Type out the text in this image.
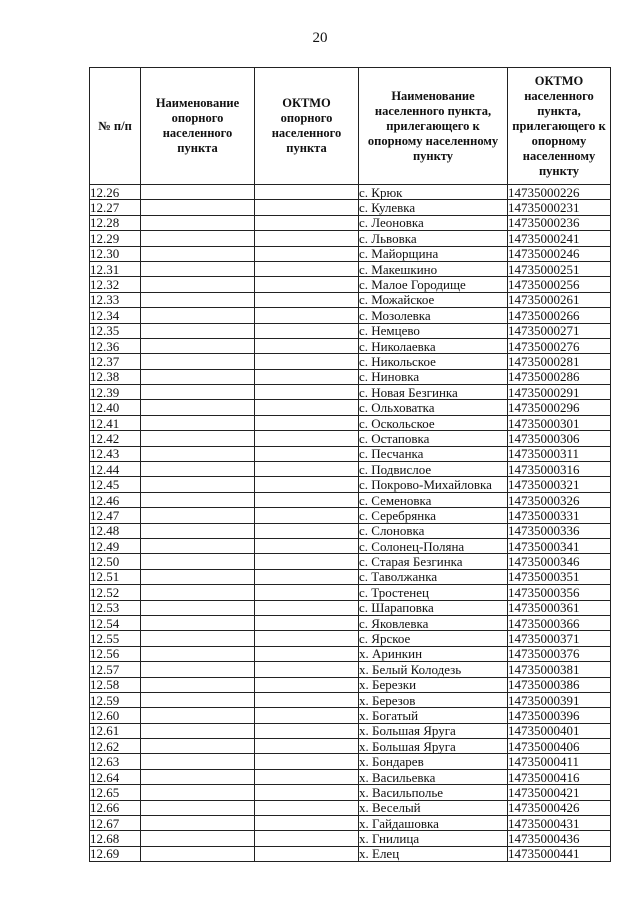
20
№ п/п	Наименование опорного населенного пункта	ОКТМО опорного населенного пункта	Наименование населенного пункта, прилегающего к опорному населенному пункту	ОКТМО населенного пункта, прилегающего к опорному населенному пункту
12.26			с. Крюк	14735000226
12.27			с. Кулевка	14735000231
12.28			с. Леоновка	14735000236
12.29			с. Львовка	14735000241
12.30			с. Майорщина	14735000246
12.31			с. Макешкино	14735000251
12.32			с. Малое Городище	14735000256
12.33			с. Можайское	14735000261
12.34			с. Мозолевка	14735000266
12.35			с. Немцево	14735000271
12.36			с. Николаевка	14735000276
12.37			с. Никольское	14735000281
12.38			с. Ниновка	14735000286
12.39			с. Новая Безгинка	14735000291
12.40			с. Ольховатка	14735000296
12.41			с. Оскольское	14735000301
12.42			с. Остаповка	14735000306
12.43			с. Песчанка	14735000311
12.44			с. Подвислое	14735000316
12.45			с. Покрово-Михайловка	14735000321
12.46			с. Семеновка	14735000326
12.47			с. Серебрянка	14735000331
12.48			с. Слоновка	14735000336
12.49			с. Солонец-Поляна	14735000341
12.50			с. Старая Безгинка	14735000346
12.51			с. Таволжанка	14735000351
12.52			с. Тростенец	14735000356
12.53			с. Шараповка	14735000361
12.54			с. Яковлевка	14735000366
12.55			с. Ярское	14735000371
12.56			х. Аринкин	14735000376
12.57			х. Белый Колодезь	14735000381
12.58			х. Березки	14735000386
12.59			х. Березов	14735000391
12.60			х. Богатый	14735000396
12.61			х. Большая Яруга	14735000401
12.62			х. Большая Яруга	14735000406
12.63			х. Бондарев	14735000411
12.64			х. Васильевка	14735000416
12.65			х. Васильполье	14735000421
12.66			х. Веселый	14735000426
12.67			х. Гайдашовка	14735000431
12.68			х. Гнилица	14735000436
12.69			х. Елец	14735000441
